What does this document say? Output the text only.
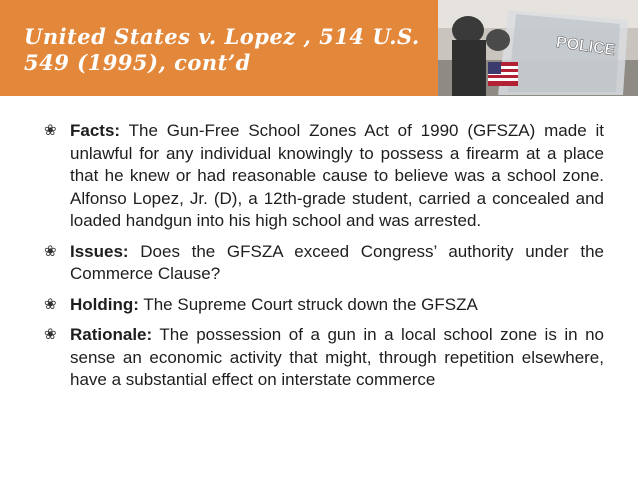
United States v. Lopez , 514 U.S. 549 (1995), cont’d
POLICE
❀ Facts: The Gun-Free School Zones Act of 1990 (GFSZA) made it unlawful for any individual knowingly to possess a firearm at a place that he knew or had reasonable cause to believe was a school zone. Alfonso Lopez, Jr. (D), a 12th-grade student, carried a concealed and loaded handgun into his high school and was arrested.
❀ Issues: Does the GFSZA exceed Congress’ authority under the Commerce Clause?
❀ Holding: The Supreme Court struck down the GFSZA
❀ Rationale: The possession of a gun in a local school zone is in no sense an economic activity that might, through repetition elsewhere, have a substantial effect on interstate commerce
